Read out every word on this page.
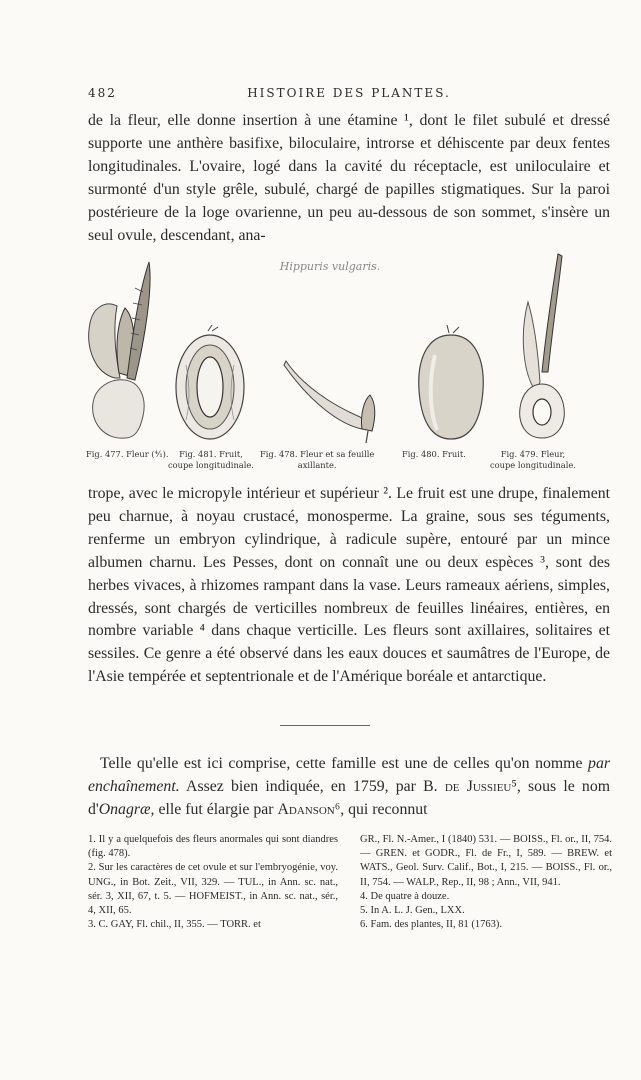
482	HISTOIRE DES PLANTES.

de la fleur, elle donne insertion à une étamine ¹, dont le filet subulé et dressé supporte une anthère basifixe, biloculaire, introrse et déhiscente par deux fentes longitudinales. L'ovaire, logé dans la cavité du réceptacle, est uniloculaire et surmonté d'un style grêle, subulé, chargé de papilles stigmatiques. Sur la paroi postérieure de la loge ovarienne, un peu au-dessous de son sommet, s'insère un seul ovule, descendant, ana-

Hippuris vulgaris.
Fig. 477. Fleur (⁴⁄₁).	Fig. 481. Fruit,
coupe longitudinale.
Fig. 478. Fleur et sa feuille
axillante.
Fig. 480. Fruit.	Fig. 479. Fleur,
coupe longitudinale.

trope, avec le micropyle intérieur et supérieur ². Le fruit est une drupe, finalement peu charnue, à noyau crustacé, monosperme. La graine, sous ses téguments, renferme un embryon cylindrique, à radicule supère, entouré par un mince albumen charnu. Les Pesses, dont on connaît une ou deux espèces ³, sont des herbes vivaces, à rhizomes rampant dans la vase. Leurs rameaux aériens, simples, dressés, sont chargés de verticilles nombreux de feuilles linéaires, entières, en nombre variable ⁴ dans chaque verticille. Les fleurs sont axillaires, solitaires et sessiles. Ce genre a été observé dans les eaux douces et saumâtres de l'Europe, de l'Asie tempérée et septentrionale et de l'Amérique boréale et antarctique.

Telle qu'elle est ici comprise, cette famille est une de celles qu'on nomme par enchaînement. Assez bien indiquée, en 1759, par B. de Jussieu⁵, sous le nom d'Onagræ, elle fut élargie par Adanson⁶, qui reconnut

1. Il y a quelquefois des fleurs anormales qui sont diandres (fig. 478).
2. Sur les caractères de cet ovule et sur l'embryogénie, voy. UNG., in Bot. Zeit., VII, 329. — TUL., in Ann. sc. nat., sér. 3, XII, 67, t. 5. — HOFMEIST., in Ann. sc. nat., sér., 4, XII, 65.
3. C. GAY, Fl. chil., II, 355. — TORR. et
GR., Fl. N.-Amer., I (1840) 531. — BOISS., Fl. or., II, 754. — GREN. et GODR., Fl. de Fr., I, 589. — BREW. et WATS., Geol. Surv. Calif., Bot., I, 215. — BOISS., Fl. or., II, 754. — WALP., Rep., II, 98 ; Ann., VII, 941.
4. De quatre à douze.
5. In A. L. J. Gen., LXX.
6. Fam. des plantes, II, 81 (1763).
